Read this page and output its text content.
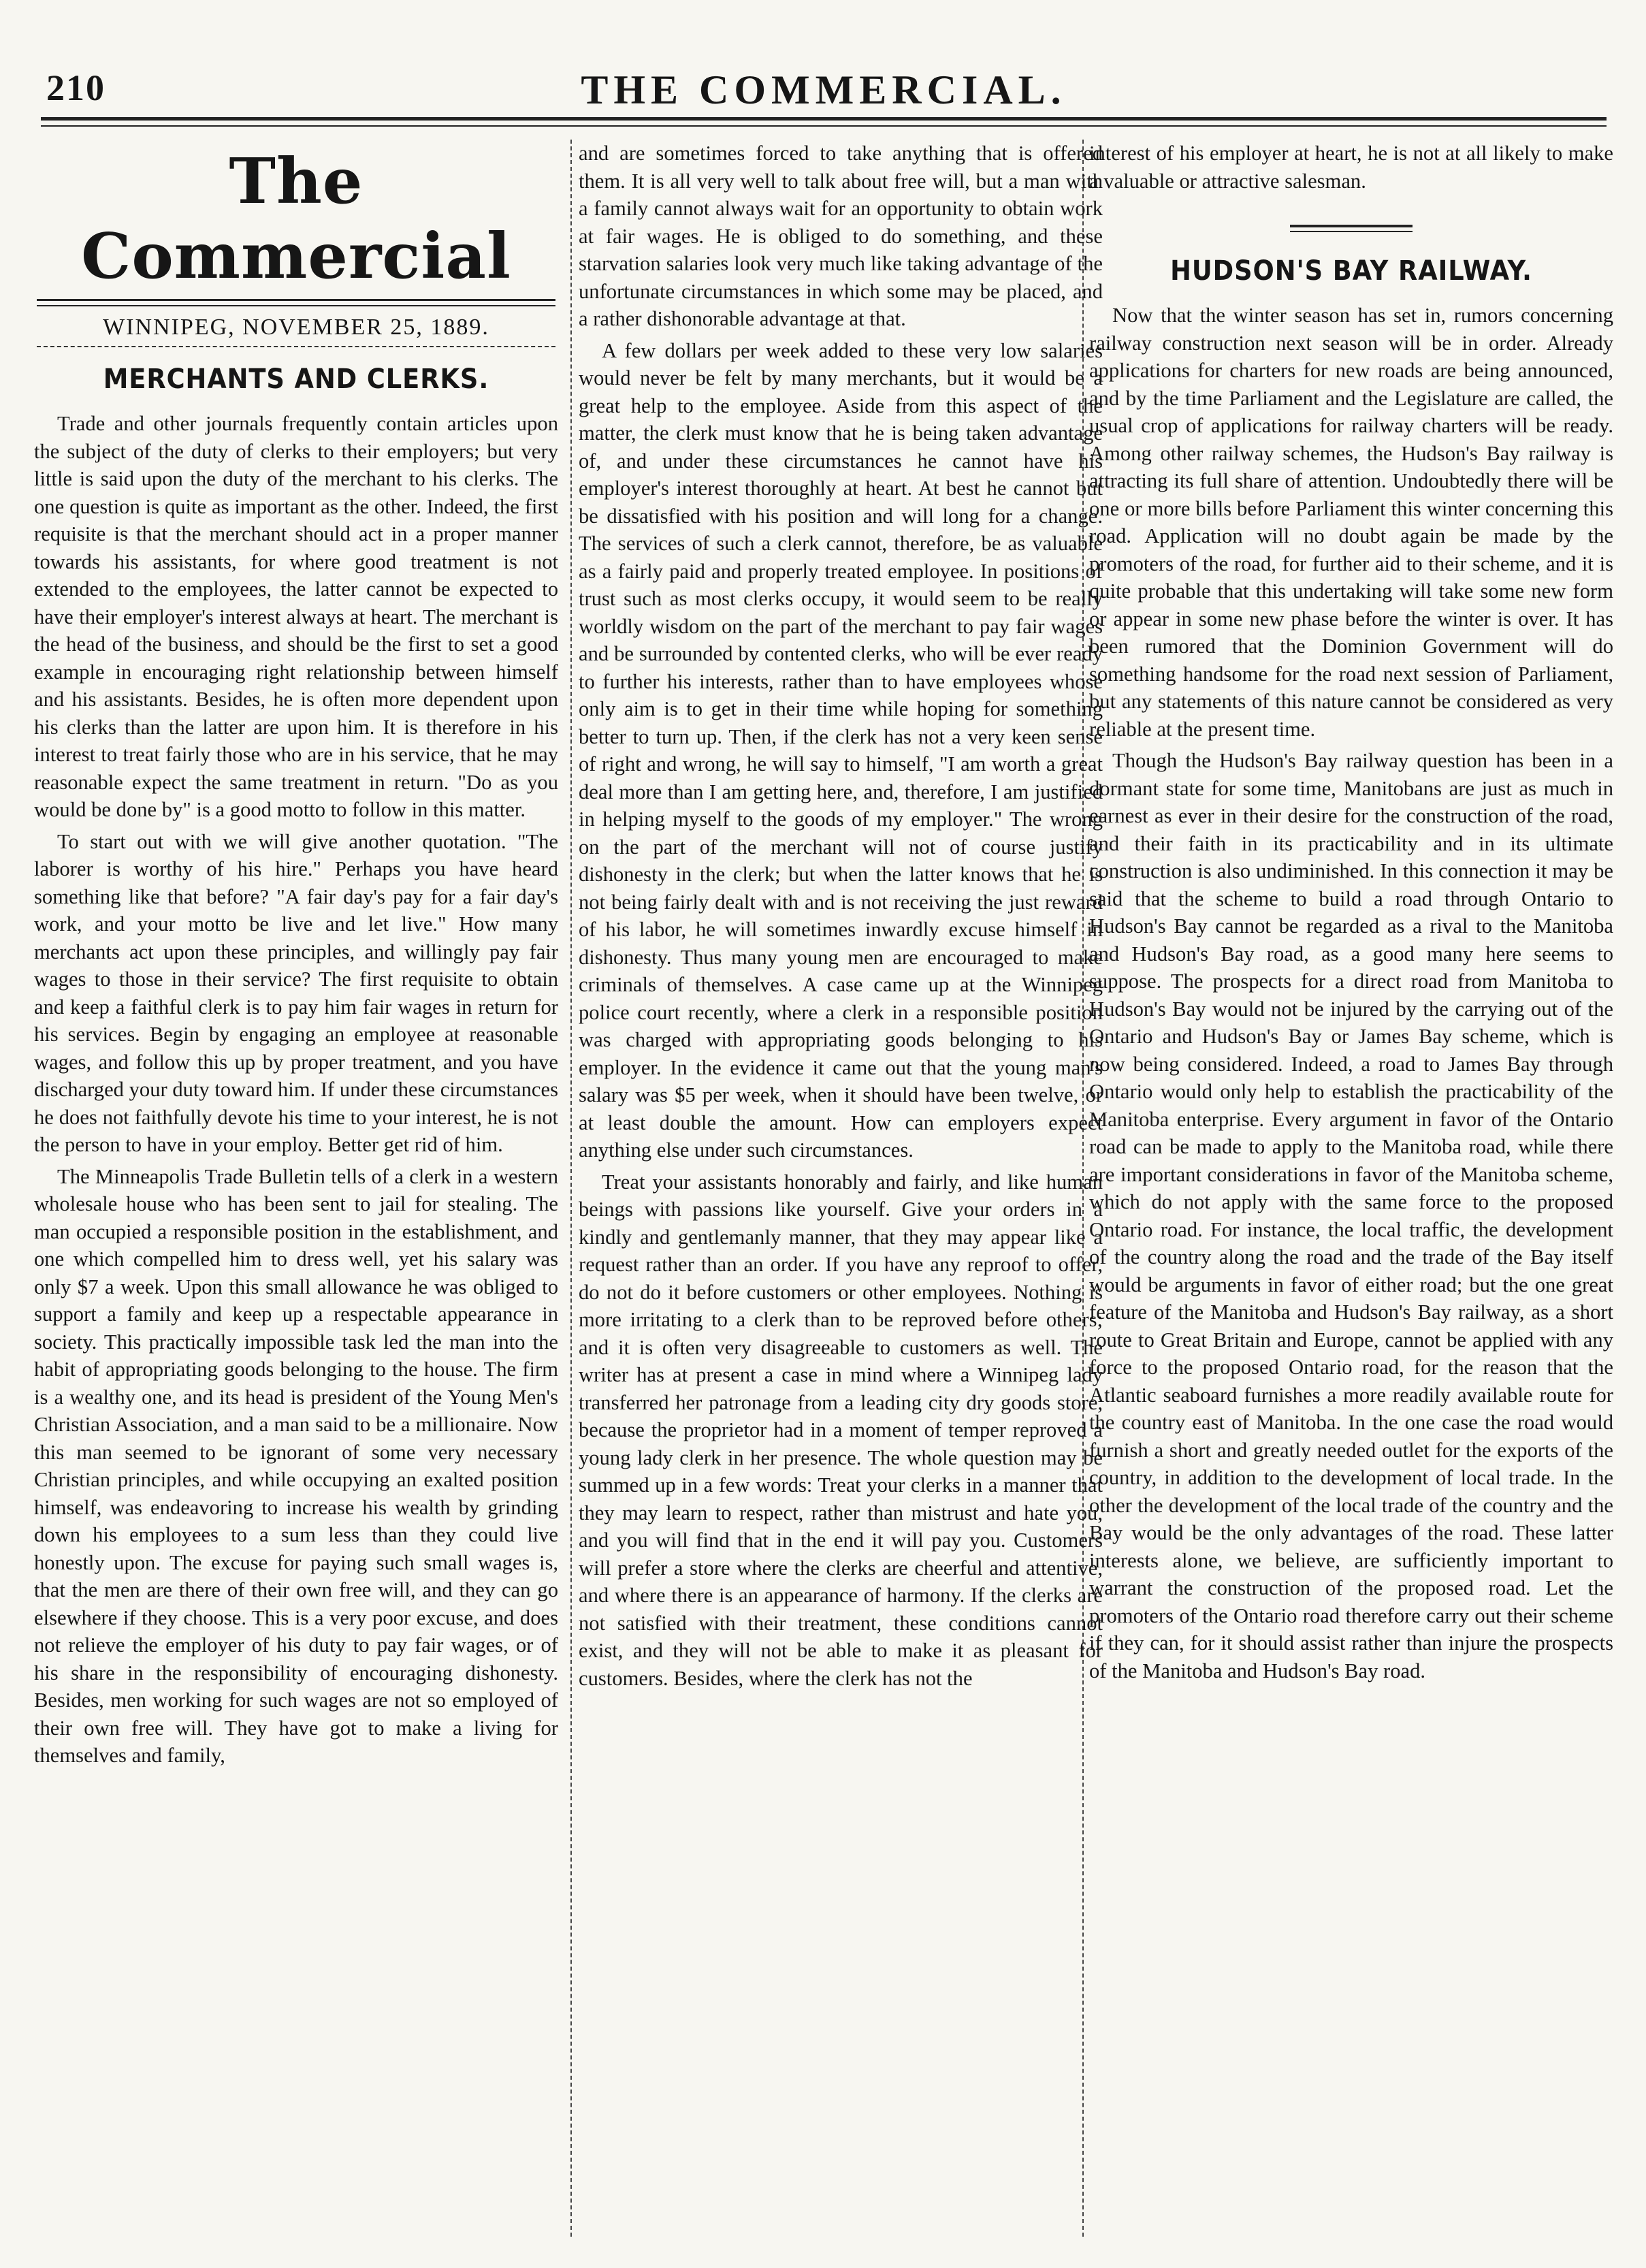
210	THE COMMERCIAL.
The Commercial
WINNIPEG, NOVEMBER 25, 1889.
MERCHANTS AND CLERKS.

Trade and other journals frequently contain articles upon the subject of the duty of clerks to their employers; but very little is said upon the duty of the merchant to his clerks. The one question is quite as important as the other. Indeed, the first requisite is that the merchant should act in a proper manner towards his assistants, for where good treatment is not extended to the employees, the latter cannot be expected to have their employer's interest always at heart. The merchant is the head of the business, and should be the first to set a good example in encouraging right relationship between himself and his assistants. Besides, he is often more dependent upon his clerks than the latter are upon him. It is therefore in his interest to treat fairly those who are in his service, that he may reasonable expect the same treatment in return. "Do as you would be done by" is a good motto to follow in this matter.

To start out with we will give another quotation. "The laborer is worthy of his hire." Perhaps you have heard something like that before? "A fair day's pay for a fair day's work, and your motto be live and let live." How many merchants act upon these principles, and willingly pay fair wages to those in their service? The first requisite to obtain and keep a faithful clerk is to pay him fair wages in return for his services. Begin by engaging an employee at reasonable wages, and follow this up by proper treatment, and you have discharged your duty toward him. If under these circumstances he does not faithfully devote his time to your interest, he is not the person to have in your employ. Better get rid of him.

The Minneapolis Trade Bulletin tells of a clerk in a western wholesale house who has been sent to jail for stealing. The man occupied a responsible position in the establishment, and one which compelled him to dress well, yet his salary was only $7 a week. Upon this small allowance he was obliged to support a family and keep up a respectable appearance in society. This practically impossible task led the man into the habit of appropriating goods belonging to the house. The firm is a wealthy one, and its head is president of the Young Men's Christian Association, and a man said to be a millionaire. Now this man seemed to be ignorant of some very necessary Christian principles, and while occupying an exalted position himself, was endeavoring to increase his wealth by grinding down his employees to a sum less than they could live honestly upon. The excuse for paying such small wages is, that the men are there of their own free will, and they can go elsewhere if they choose. This is a very poor excuse, and does not relieve the employer of his duty to pay fair wages, or of his share in the responsibility of encouraging dishonesty. Besides, men working for such wages are not so employed of their own free will. They have got to make a living for themselves and family,

and are sometimes forced to take anything that is offered them. It is all very well to talk about free will, but a man with a family cannot always wait for an opportunity to obtain work at fair wages. He is obliged to do something, and these starvation salaries look very much like taking advantage of the unfortunate circumstances in which some may be placed, and a rather dishonorable advantage at that.

A few dollars per week added to these very low salaries would never be felt by many merchants, but it would be a great help to the employee. Aside from this aspect of the matter, the clerk must know that he is being taken advantage of, and under these circumstances he cannot have his employer's interest thoroughly at heart. At best he cannot but be dissatisfied with his position and will long for a change. The services of such a clerk cannot, therefore, be as valuable as a fairly paid and properly treated employee. In positions of trust such as most clerks occupy, it would seem to be really worldly wisdom on the part of the merchant to pay fair wages and be surrounded by contented clerks, who will be ever ready to further his interests, rather than to have employees whose only aim is to get in their time while hoping for something better to turn up. Then, if the clerk has not a very keen sense of right and wrong, he will say to himself, "I am worth a great deal more than I am getting here, and, therefore, I am justified in helping myself to the goods of my employer." The wrong on the part of the merchant will not of course justify dishonesty in the clerk; but when the latter knows that he is not being fairly dealt with and is not receiving the just reward of his labor, he will sometimes inwardly excuse himself in dishonesty. Thus many young men are encouraged to make criminals of themselves. A case came up at the Winnipeg police court recently, where a clerk in a responsible position was charged with appropriating goods belonging to his employer. In the evidence it came out that the young man's salary was $5 per week, when it should have been twelve, or at least double the amount. How can employers expect anything else under such circumstances.

Treat your assistants honorably and fairly, and like human beings with passions like yourself. Give your orders in a kindly and gentlemanly manner, that they may appear like a request rather than an order. If you have any reproof to offer, do not do it before customers or other employees. Nothing is more irritating to a clerk than to be reproved before others; and it is often very disagreeable to customers as well. The writer has at present a case in mind where a Winnipeg lady transferred her patronage from a leading city dry goods store, because the proprietor had in a moment of temper reproved a young lady clerk in her presence. The whole question may be summed up in a few words: Treat your clerks in a manner that they may learn to respect, rather than mistrust and hate you, and you will find that in the end it will pay you. Customers will prefer a store where the clerks are cheerful and attentive, and where there is an appearance of harmony. If the clerks are not satisfied with their treatment, these conditions cannot exist, and they will not be able to make it as pleasant for customers. Besides, where the clerk has not the

interest of his employer at heart, he is not at all likely to make a valuable or attractive salesman.

HUDSON'S BAY RAILWAY.

Now that the winter season has set in, rumors concerning railway construction next season will be in order. Already applications for charters for new roads are being announced, and by the time Parliament and the Legislature are called, the usual crop of applications for railway charters will be ready. Among other railway schemes, the Hudson's Bay railway is attracting its full share of attention. Undoubtedly there will be one or more bills before Parliament this winter concerning this road. Application will no doubt again be made by the promoters of the road, for further aid to their scheme, and it is quite probable that this undertaking will take some new form or appear in some new phase before the winter is over. It has been rumored that the Dominion Government will do something handsome for the road next session of Parliament, but any statements of this nature cannot be considered as very reliable at the present time.

Though the Hudson's Bay railway question has been in a dormant state for some time, Manitobans are just as much in earnest as ever in their desire for the construction of the road, and their faith in its practicability and in its ultimate construction is also undiminished. In this connection it may be said that the scheme to build a road through Ontario to Hudson's Bay cannot be regarded as a rival to the Manitoba and Hudson's Bay road, as a good many here seems to suppose. The prospects for a direct road from Manitoba to Hudson's Bay would not be injured by the carrying out of the Ontario and Hudson's Bay or James Bay scheme, which is now being considered. Indeed, a road to James Bay through Ontario would only help to establish the practicability of the Manitoba enterprise. Every argument in favor of the Ontario road can be made to apply to the Manitoba road, while there are important considerations in favor of the Manitoba scheme, which do not apply with the same force to the proposed Ontario road. For instance, the local traffic, the development of the country along the road and the trade of the Bay itself would be arguments in favor of either road; but the one great feature of the Manitoba and Hudson's Bay railway, as a short route to Great Britain and Europe, cannot be applied with any force to the proposed Ontario road, for the reason that the Atlantic seaboard furnishes a more readily available route for the country east of Manitoba. In the one case the road would furnish a short and greatly needed outlet for the exports of the country, in addition to the development of local trade. In the other the development of the local trade of the country and the Bay would be the only advantages of the road. These latter interests alone, we believe, are sufficiently important to warrant the construction of the proposed road. Let the promoters of the Ontario road therefore carry out their scheme if they can, for it should assist rather than injure the prospects of the Manitoba and Hudson's Bay road.
